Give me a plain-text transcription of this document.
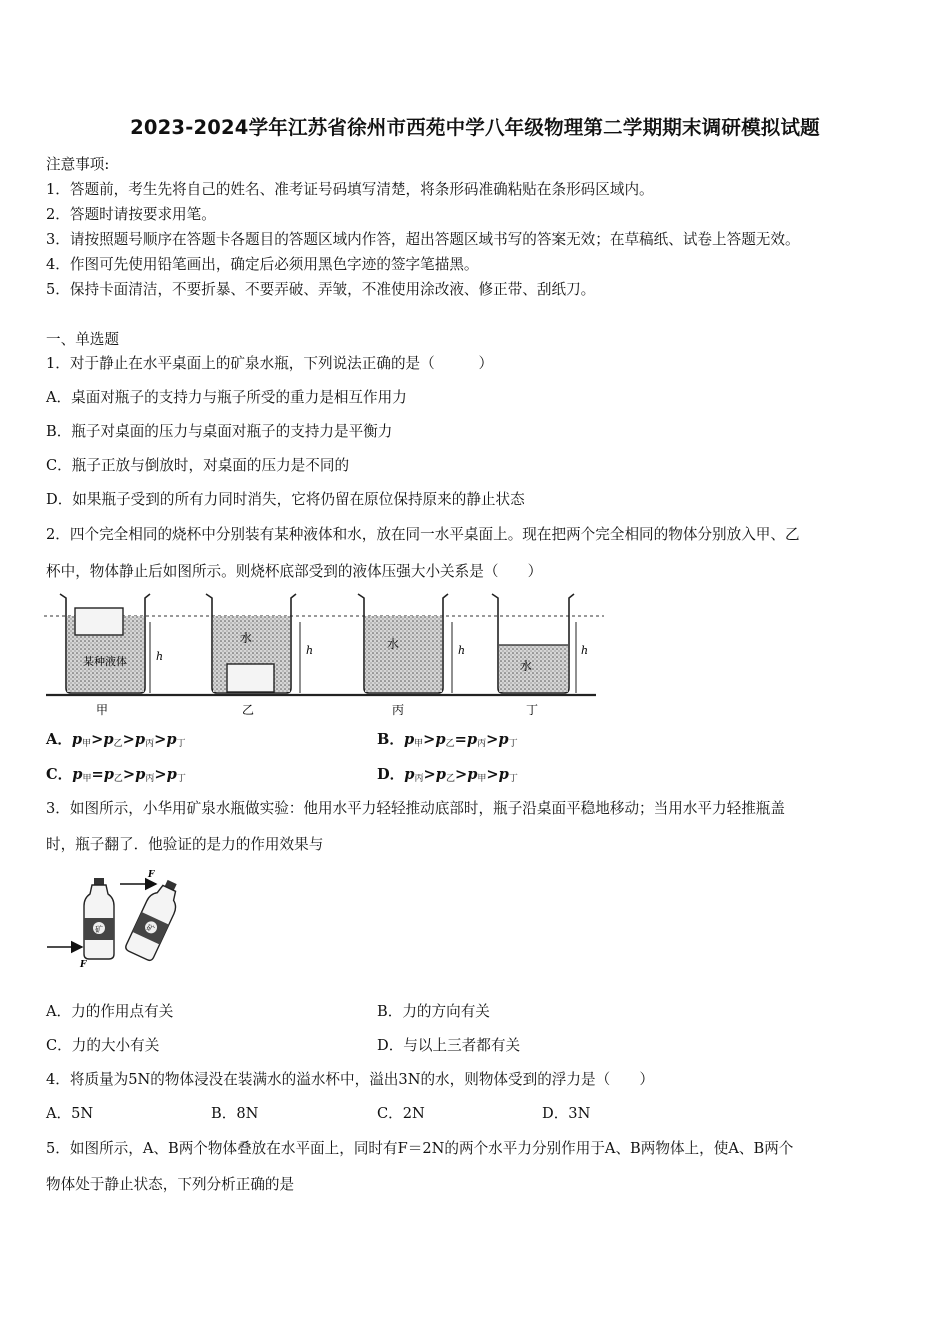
2023-2024学年江苏省徐州市西苑中学八年级物理第二学期期末调研模拟试题
注意事项:
1．答题前，考生先将自己的姓名、准考证号码填写清楚，将条形码准确粘贴在条形码区域内。
2．答题时请按要求用笔。
3．请按照题号顺序在答题卡各题目的答题区域内作答，超出答题区域书写的答案无效；在草稿纸、试卷上答题无效。
4．作图可先使用铅笔画出，确定后必须用黑色字迹的签字笔描黑。
5．保持卡面清洁，不要折暴、不要弄破、弄皱，不准使用涂改液、修正带、刮纸刀。
一、单选题
1．对于静止在水平桌面上的矿泉水瓶，下列说法正确的是（　　　）
A．桌面对瓶子的支持力与瓶子所受的重力是相互作用力
B．瓶子对桌面的压力与桌面对瓶子的支持力是平衡力
C．瓶子正放与倒放时，对桌面的压力是不同的
D．如果瓶子受到的所有力同时消失，它将仍留在原位保持原来的静止状态
2．四个完全相同的烧杯中分别装有某种液体和水，放在同一水平桌面上。现在把两个完全相同的物体分别放入甲、乙
杯中，物体静止后如图所示。则烧杯底部受到的液体压强大小关系是（　　）
某种液体	h
甲
水
h
乙
水	h
丙
水
h
丁
A．$p_甲>p_乙>p_丙>p_丁$	B．$p_甲>p_乙=p_丙>p_丁$
C．$p_甲=p_乙>p_丙>p_丁$	D．$p_丙>p_乙>p_甲>p_丁$
3．如图所示，小华用矿泉水瓶做实验：他用水平力轻轻推动底部时，瓶子沿桌面平稳地移动；当用水平力轻推瓶盖
时，瓶子翻了．他验证的是力的作用效果与
矿
F
矿
F
A．力的作用点有关	B．力的方向有关
C．力的大小有关	D．与以上三者都有关
4．将质量为5N的物体浸没在装满水的溢水杯中，溢出3N的水，则物体受到的浮力是（　　）
A．5N	B．8N	C．2N	D．3N
5．如图所示，A、B两个物体叠放在水平面上，同时有F＝2N的两个水平力分别作用于A、B两物体上，使A、B两个
物体处于静止状态，下列分析正确的是
